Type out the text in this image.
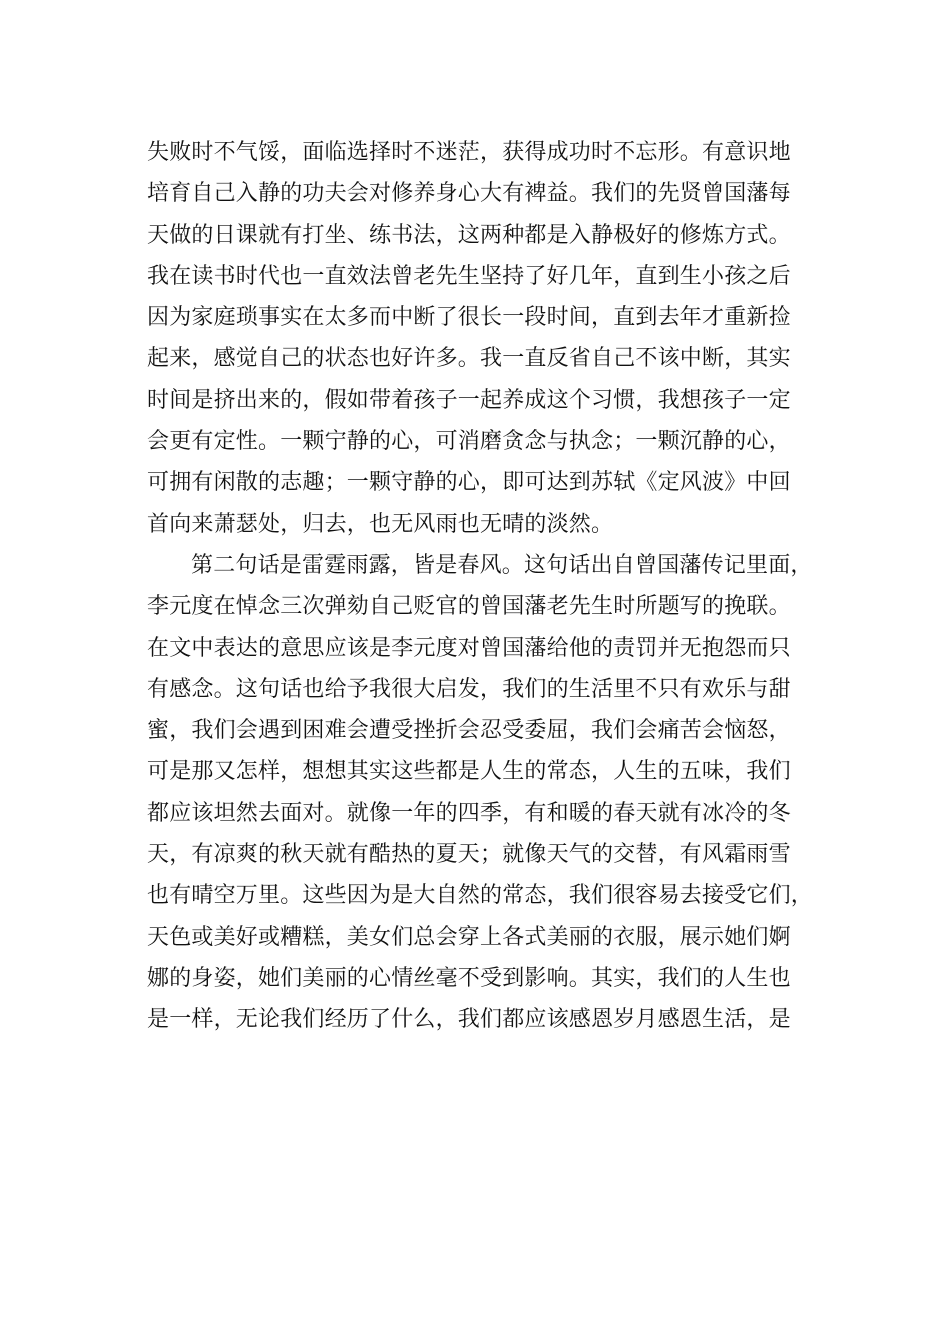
失败时不气馁，面临选择时不迷茫，获得成功时不忘形。有意识地
培育自己入静的功夫会对修养身心大有裨益。我们的先贤曾国藩每
天做的日课就有打坐、练书法，这两种都是入静极好的修炼方式。
我在读书时代也一直效法曾老先生坚持了好几年，直到生小孩之后
因为家庭琐事实在太多而中断了很长一段时间，直到去年才重新捡
起来，感觉自己的状态也好许多。我一直反省自己不该中断，其实
时间是挤出来的，假如带着孩子一起养成这个习惯，我想孩子一定
会更有定性。一颗宁静的心，可消磨贪念与执念；一颗沉静的心，
可拥有闲散的志趣；一颗守静的心，即可达到苏轼《定风波》中回
首向来萧瑟处，归去，也无风雨也无晴的淡然。
第二句话是雷霆雨露，皆是春风。这句话出自曾国藩传记里面，
李元度在悼念三次弹劾自己贬官的曾国藩老先生时所题写的挽联。
在文中表达的意思应该是李元度对曾国藩给他的责罚并无抱怨而只
有感念。这句话也给予我很大启发，我们的生活里不只有欢乐与甜
蜜，我们会遇到困难会遭受挫折会忍受委屈，我们会痛苦会恼怒，
可是那又怎样，想想其实这些都是人生的常态，人生的五味，我们
都应该坦然去面对。就像一年的四季，有和暖的春天就有冰冷的冬
天，有凉爽的秋天就有酷热的夏天；就像天气的交替，有风霜雨雪
也有晴空万里。这些因为是大自然的常态，我们很容易去接受它们，
天色或美好或糟糕，美女们总会穿上各式美丽的衣服，展示她们婀
娜的身姿，她们美丽的心情丝毫不受到影响。其实，我们的人生也
是一样，无论我们经历了什么，我们都应该感恩岁月感恩生活，是
